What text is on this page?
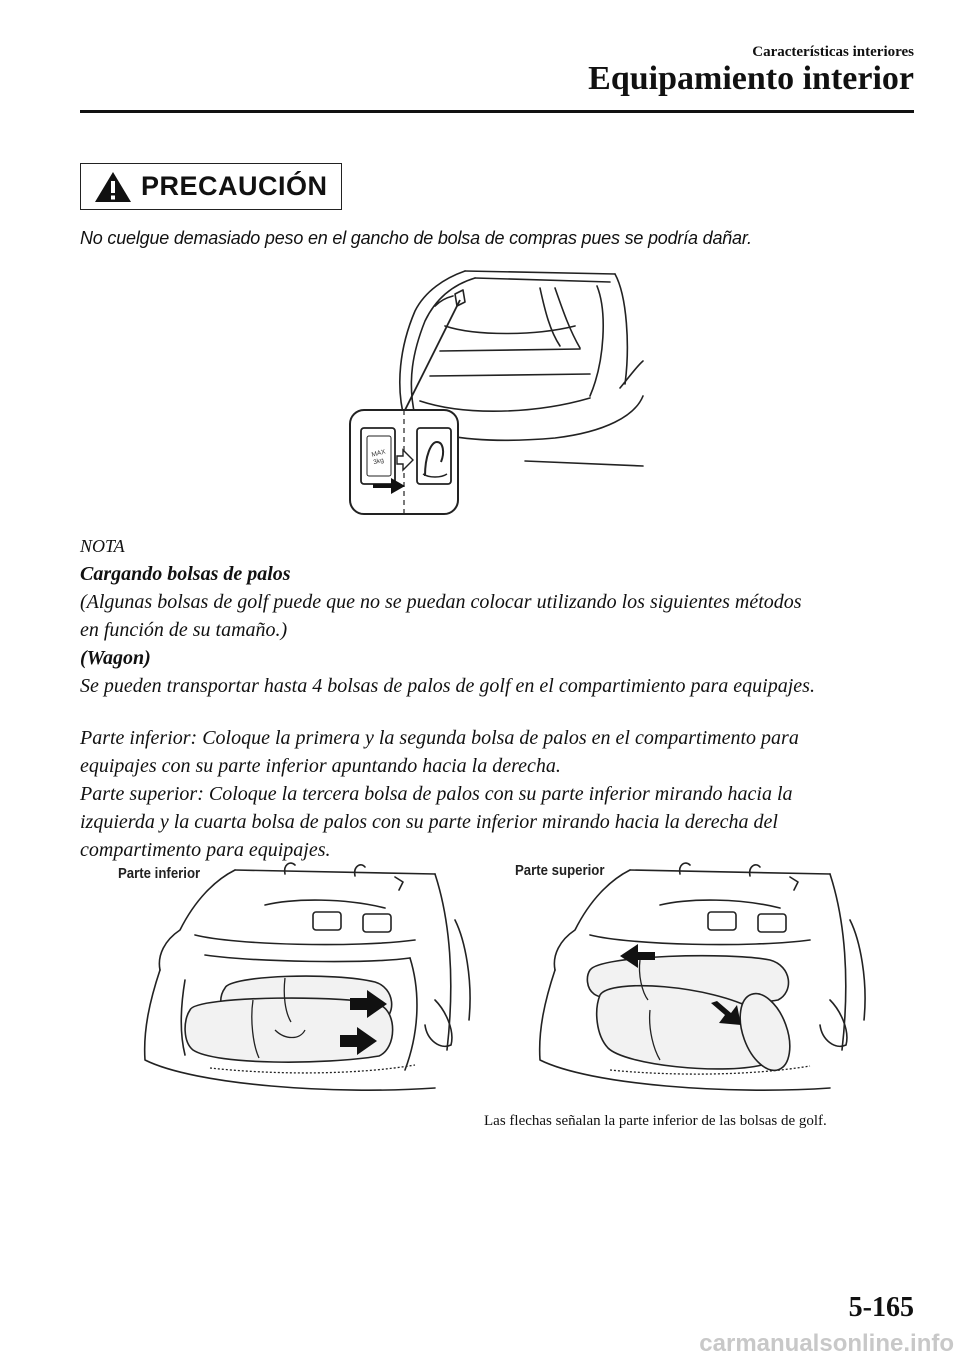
Características interiores
Equipamiento interior
PRECAUCIÓN
No cuelgue demasiado peso en el gancho de bolsa de compras pues se podría dañar.
MAX
3kg
NOTA
Cargando bolsas de palos
(Algunas bolsas de golf puede que no se puedan colocar utilizando los siguientes métodos
en función de su tamaño.)
(Wagon)
Se pueden transportar hasta 4 bolsas de palos de golf en el compartimiento para equipajes.
Parte inferior: Coloque la primera y la segunda bolsa de palos en el compartimento para
equipajes con su parte inferior apuntando hacia la derecha.
Parte superior: Coloque la tercera bolsa de palos con su parte inferior mirando hacia la
izquierda y la cuarta bolsa de palos con su parte inferior mirando hacia la derecha del
compartimento para equipajes.
Parte inferior	Parte superior
Las flechas señalan la parte inferior de las bolsas de golf.
5-165
carmanualsonline.info
